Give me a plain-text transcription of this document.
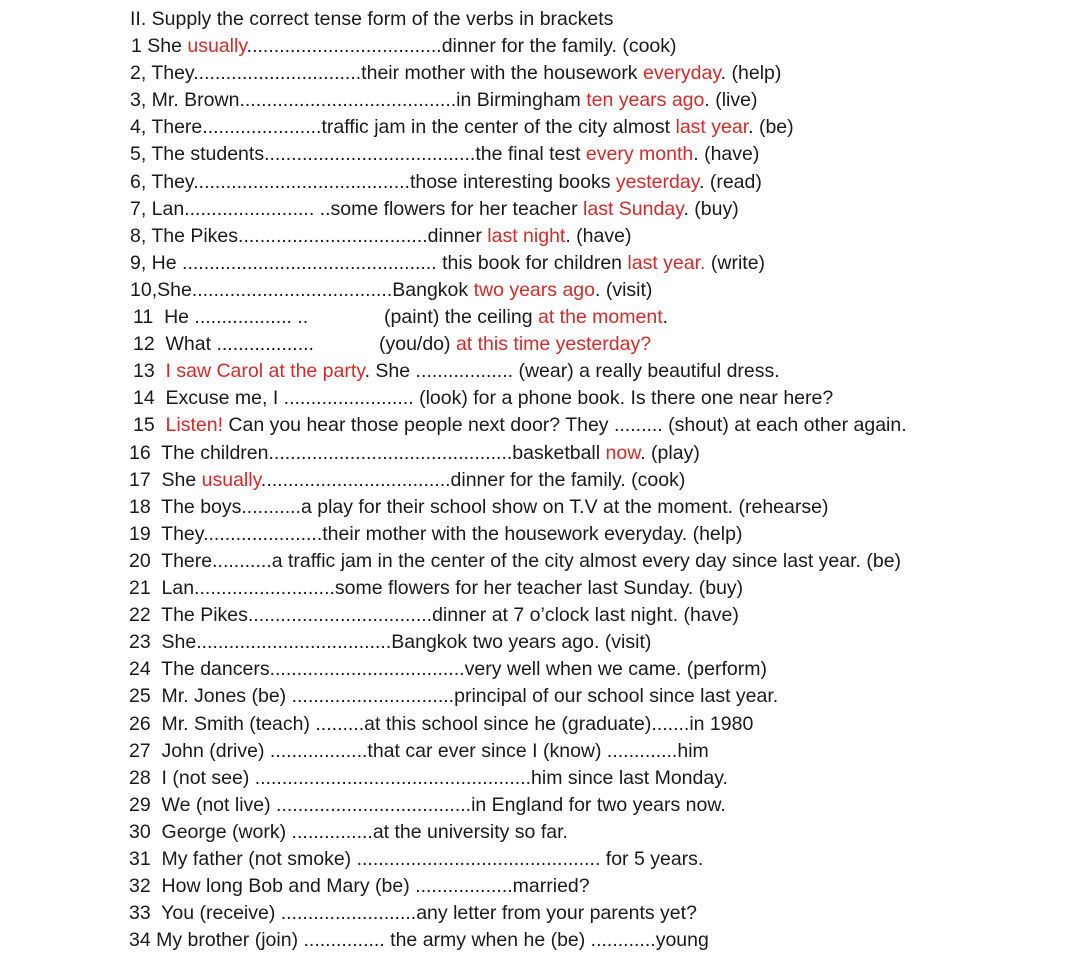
II. Supply the correct tense form of the verbs in brackets
1 She usually....................................dinner for the family. (cook)
2, They...............................their mother with the housework everyday. (help)
3, Mr. Brown........................................in Birmingham ten years ago. (live)
4, There......................traffic jam in the center of the city almost last year. (be)
5, The students.......................................the final test every month. (have)
6, They........................................those interesting books yesterday. (read)
7, Lan........................ ..some flowers for her teacher last Sunday. (buy)
8, The Pikes...................................dinner last night. (have)
9, He ............................................... this book for children last year. (write)
10,She.....................................Bangkok two years ago. (visit)
11  He .................. ..              (paint) the ceiling at the moment.
12  What ..................            (you/do) at this time yesterday?
13  I saw Carol at the party. She .................. (wear) a really beautiful dress.
14  Excuse me, I ........................ (look) for a phone book. Is there one near here?
15  Listen! Can you hear those people next door? They ......... (shout) at each other again.
16  The children.............................................basketball now. (play)
17  She usually...................................dinner for the family. (cook)
18  The boys...........a play for their school show on T.V at the moment. (rehearse)
19  They......................their mother with the housework everyday. (help)
20  There...........a traffic jam in the center of the city almost every day since last year. (be)
21  Lan..........................some flowers for her teacher last Sunday. (buy)
22  The Pikes..................................dinner at 7 o’clock last night. (have)
23  She....................................Bangkok two years ago. (visit)
24  The dancers....................................very well when we came. (perform)
25  Mr. Jones (be) ..............................principal of our school since last year.
26  Mr. Smith (teach) .........at this school since he (graduate).......in 1980
27  John (drive) ..................that car ever since I (know) .............him
28  I (not see) ...................................................him since last Monday.
29  We (not live) ....................................in England for two years now.
30  George (work) ...............at the university so far.
31  My father (not smoke) ............................................. for 5 years.
32  How long Bob and Mary (be) ..................married?
33  You (receive) .........................any letter from your parents yet?
34 My brother (join) ............... the army when he (be) ............young
